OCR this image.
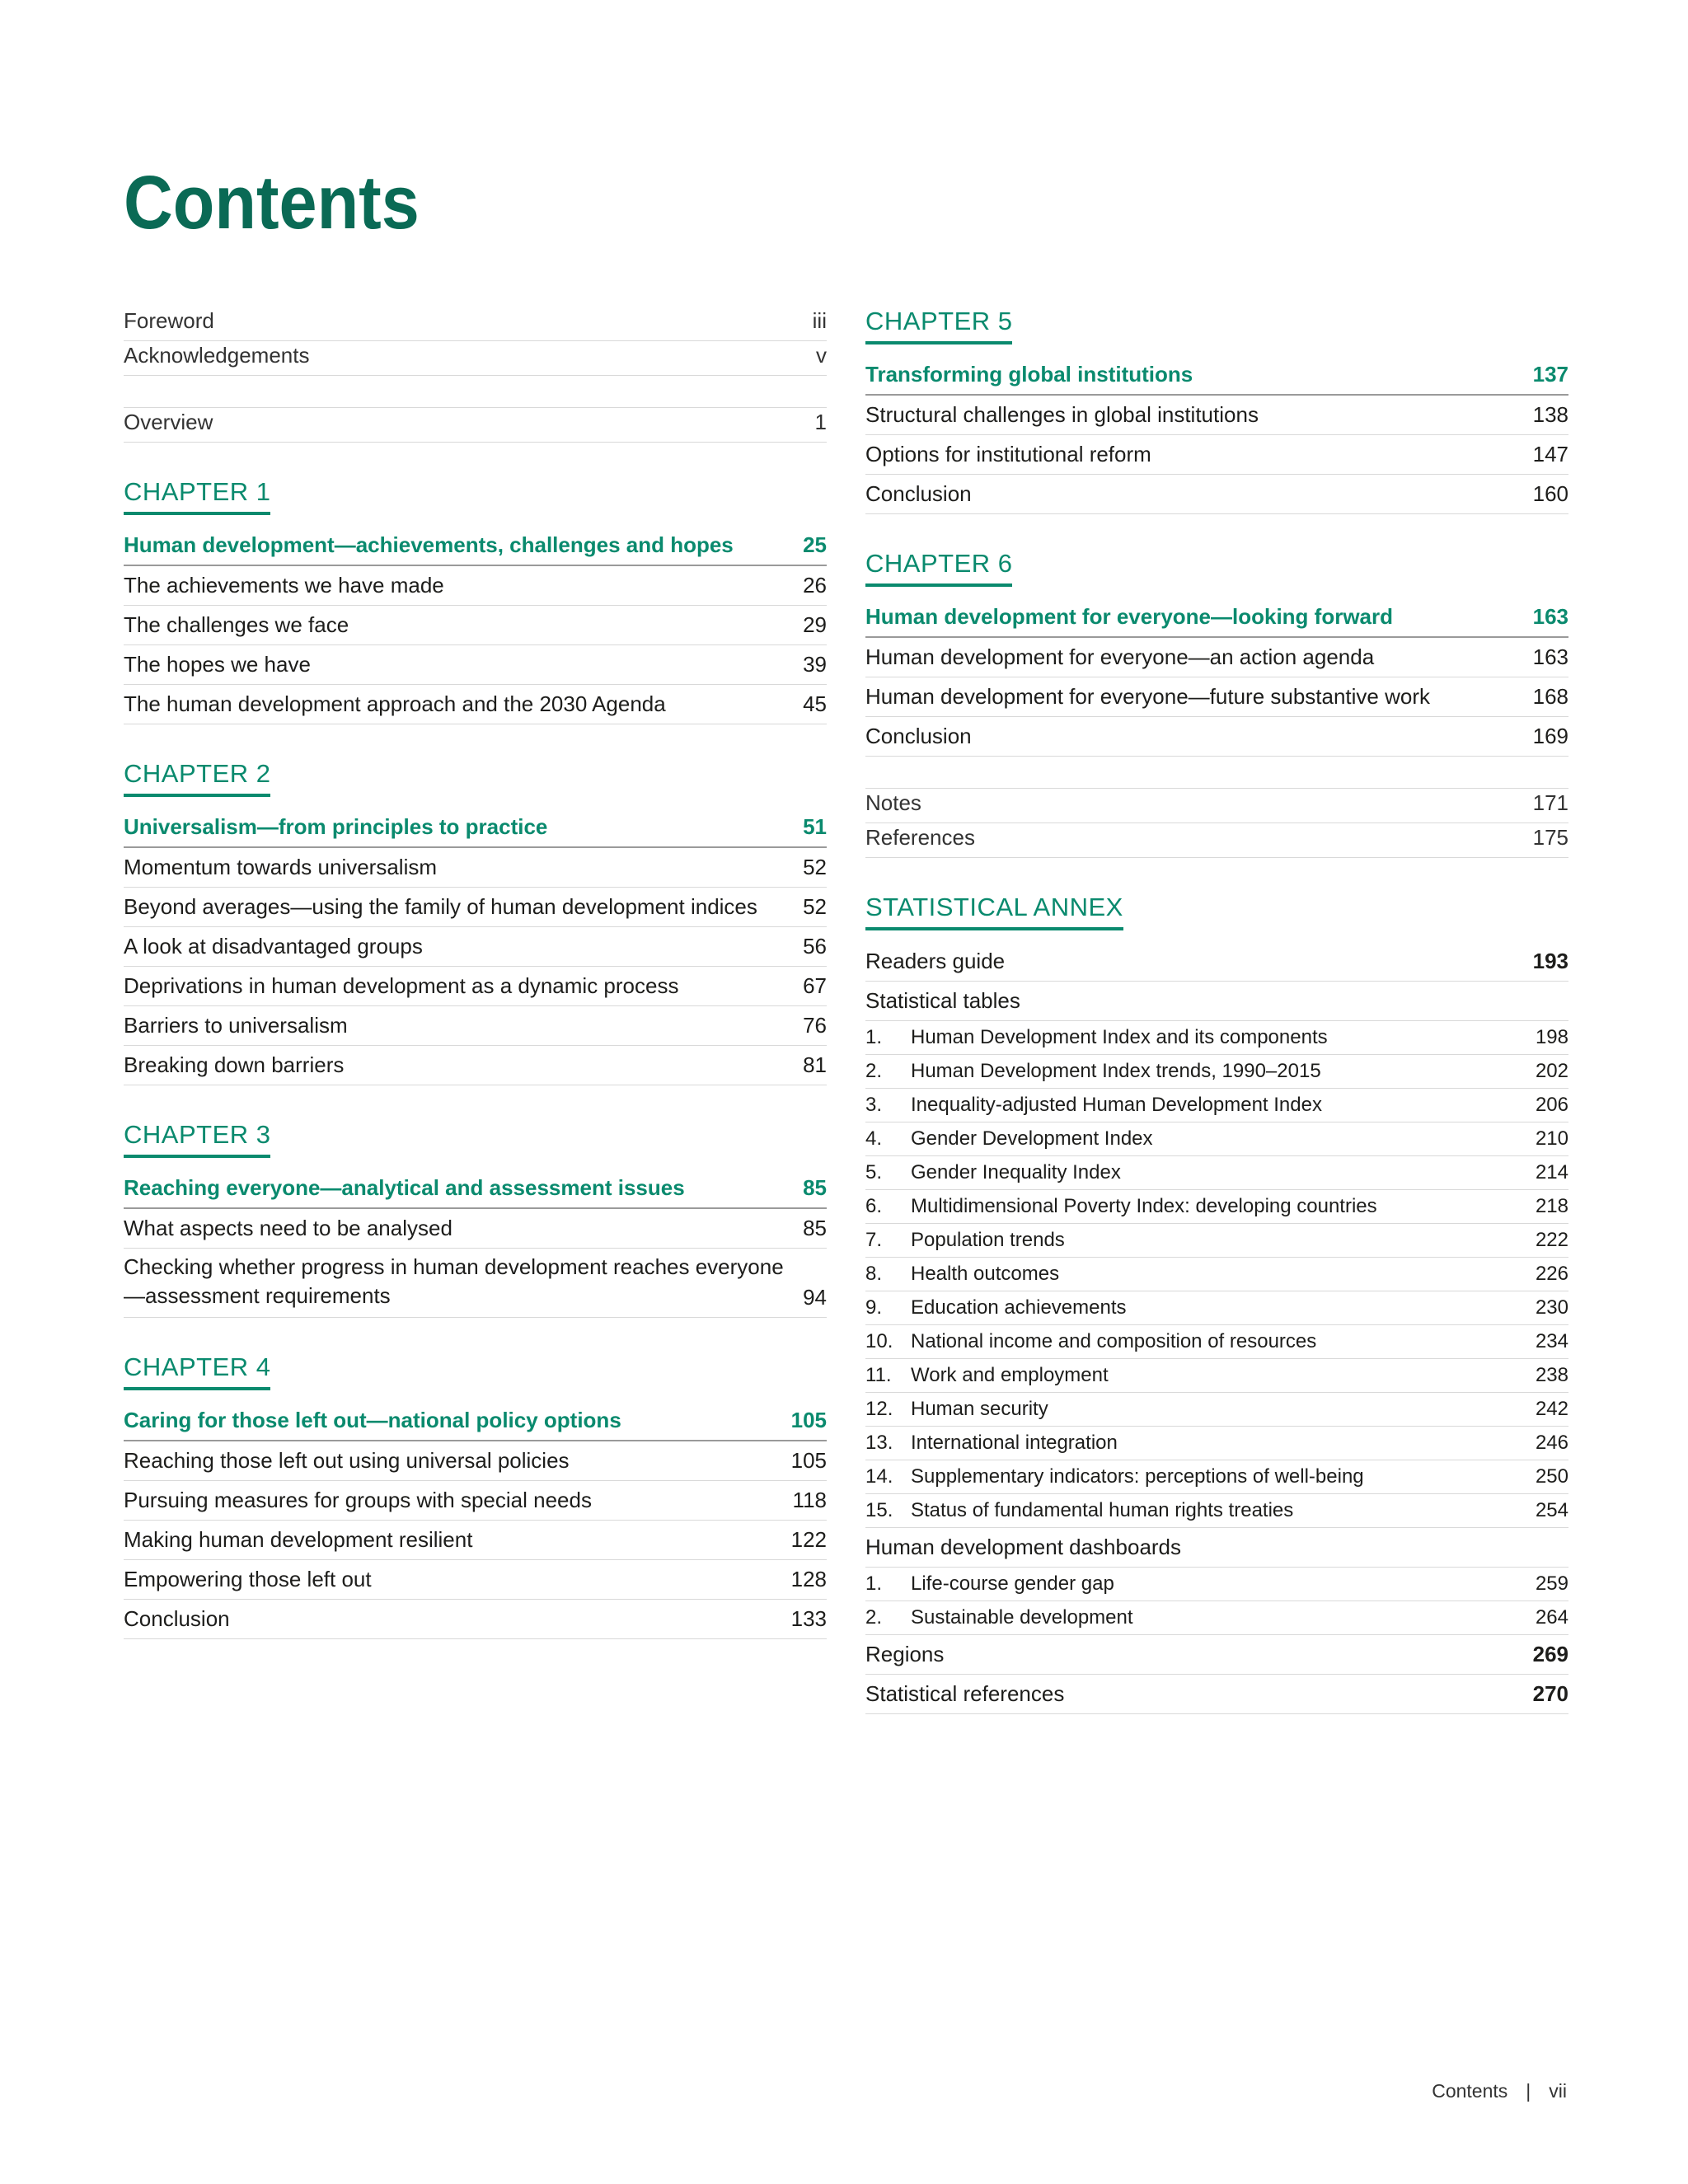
Contents
Foreword	iii
Acknowledgements	v
Overview	1
CHAPTER 1
Human development—achievements, challenges and hopes	25
The achievements we have made	26
The challenges we face	29
The hopes we have	39
The human development approach and the 2030 Agenda	45
CHAPTER 2
Universalism—from principles to practice	51
Momentum towards universalism	52
Beyond averages—using the family of human development indices	52
A look at disadvantaged groups	56
Deprivations in human development as a dynamic process	67
Barriers to universalism	76
Breaking down barriers	81
CHAPTER 3
Reaching everyone—analytical and assessment issues	85
What aspects need to be analysed	85
Checking whether progress in human development reaches everyone
—assessment requirements	94
CHAPTER 4
Caring for those left out—national policy options	105
Reaching those left out using universal policies	105
Pursuing measures for groups with special needs	118
Making human development resilient	122
Empowering those left out	128
Conclusion	133
CHAPTER 5
Transforming global institutions	137
Structural challenges in global institutions	138
Options for institutional reform	147
Conclusion	160
CHAPTER 6
Human development for everyone—looking forward	163
Human development for everyone—an action agenda	163
Human development for everyone—future substantive work	168
Conclusion	169
Notes	171
References	175
STATISTICAL ANNEX
Readers guide	193
Statistical tables
1. Human Development Index and its components	198
2. Human Development Index trends, 1990–2015	202
3. Inequality-adjusted Human Development Index	206
4. Gender Development Index	210
5. Gender Inequality Index	214
6. Multidimensional Poverty Index: developing countries	218
7. Population trends	222
8. Health outcomes	226
9. Education achievements	230
10. National income and composition of resources	234
11. Work and employment	238
12. Human security	242
13. International integration	246
14. Supplementary indicators: perceptions of well-being	250
15. Status of fundamental human rights treaties	254
Human development dashboards
1. Life-course gender gap	259
2. Sustainable development	264
Regions	269
Statistical references	270
Contents | vii
